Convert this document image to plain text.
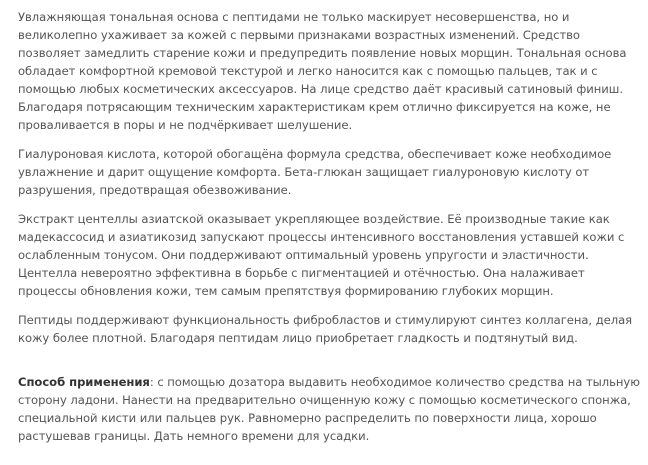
Увлажняющая тональная основа с пептидами не только маскирует несовершенства, но и великолепно ухаживает за кожей с первыми признаками возрастных изменений. Средство позволяет замедлить старение кожи и предупредить появление новых морщин. Тональная основа обладает комфортной кремовой текстурой и легко наносится как с помощью пальцев, так и с помощью любых косметических аксессуаров. На лице средство даёт красивый сатиновый финиш. Благодаря потрясающим техническим характеристикам крем отлично фиксируется на коже, не проваливается в поры и не подчёркивает шелушение.

Гиалуроновая кислота, которой обогащёна формула средства, обеспечивает коже необходимое увлажнение и дарит ощущение комфорта. Бета-глюкан защищает гиалуроновую кислоту от разрушения, предотвращая обезвоживание.

Экстракт центеллы азиатской оказывает укрепляющее воздействие. Её производные такие как мадекассосид и азиатикозид запускают процессы интенсивного восстановления уставшей кожи с ослабленным тонусом. Они поддерживают оптимальный уровень упругости и эластичности. Центелла невероятно эффективна в борьбе с пигментацией и отёчностью. Она налаживает процессы обновления кожи, тем самым препятствуя формированию глубоких морщин.

Пептиды поддерживают функциональность фибробластов и стимулируют синтез коллагена, делая кожу более плотной. Благодаря пептидам лицо приобретает гладкость и подтянутый вид.

Способ применения: с помощью дозатора выдавить необходимое количество средства на тыльную сторону ладони. Нанести на предварительно очищенную кожу с помощью косметического спонжа, специальной кисти или пальцев рук. Равномерно распределить по поверхности лица, хорошо растушевав границы. Дать немного времени для усадки.
